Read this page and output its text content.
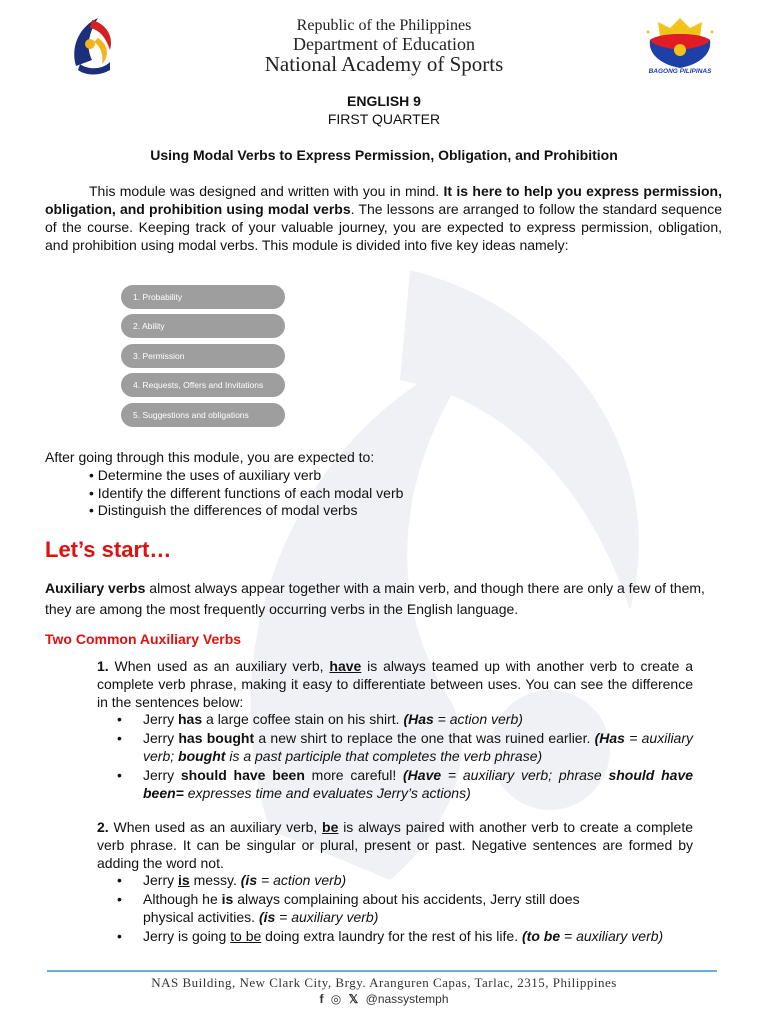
Republic of the Philippines
Department of Education
National Academy of Sports	BAGONG PILIPINAS
ENGLISH 9
FIRST QUARTER
Using Modal Verbs to Express Permission, Obligation, and Prohibition
This module was designed and written with you in mind. It is here to help you express permission, obligation, and prohibition using modal verbs. The lessons are arranged to follow the standard sequence of the course. Keeping track of your valuable journey, you are expected to express permission, obligation, and prohibition using modal verbs. This module is divided into five key ideas namely:
1. Probability
2. Ability
3. Permission
4. Requests, Offers and Invitations
5. Suggestions and obligations
After going through this module, you are expected to:
• Determine the uses of auxiliary verb
• Identify the different functions of each modal verb
• Distinguish the differences of modal verbs
Let’s start…
Auxiliary verbs almost always appear together with a main verb, and though there are only a few of them, they are among the most frequently occurring verbs in the English language.
Two Common Auxiliary Verbs
1. When used as an auxiliary verb, have is always teamed up with another verb to create a complete verb phrase, making it easy to differentiate between uses. You can see the difference in the sentences below:
• Jerry has a large coffee stain on his shirt. (Has = action verb)
• Jerry has bought a new shirt to replace the one that was ruined earlier. (Has = auxiliary verb; bought is a past participle that completes the verb phrase)
• Jerry should have been more careful! (Have = auxiliary verb; phrase should have been= expresses time and evaluates Jerry’s actions)
2. When used as an auxiliary verb, be is always paired with another verb to create a complete verb phrase. It can be singular or plural, present or past. Negative sentences are formed by adding the word not.
• Jerry is messy. (is = action verb)
• Although he is always complaining about his accidents, Jerry still does physical activities. (is = auxiliary verb)
• Jerry is going to be doing extra laundry for the rest of his life. (to be = auxiliary verb)
NAS Building, New Clark City, Brgy. Aranguren Capas, Tarlac, 2315, Philippines
f ◎ 𝕏 @nassystemph
